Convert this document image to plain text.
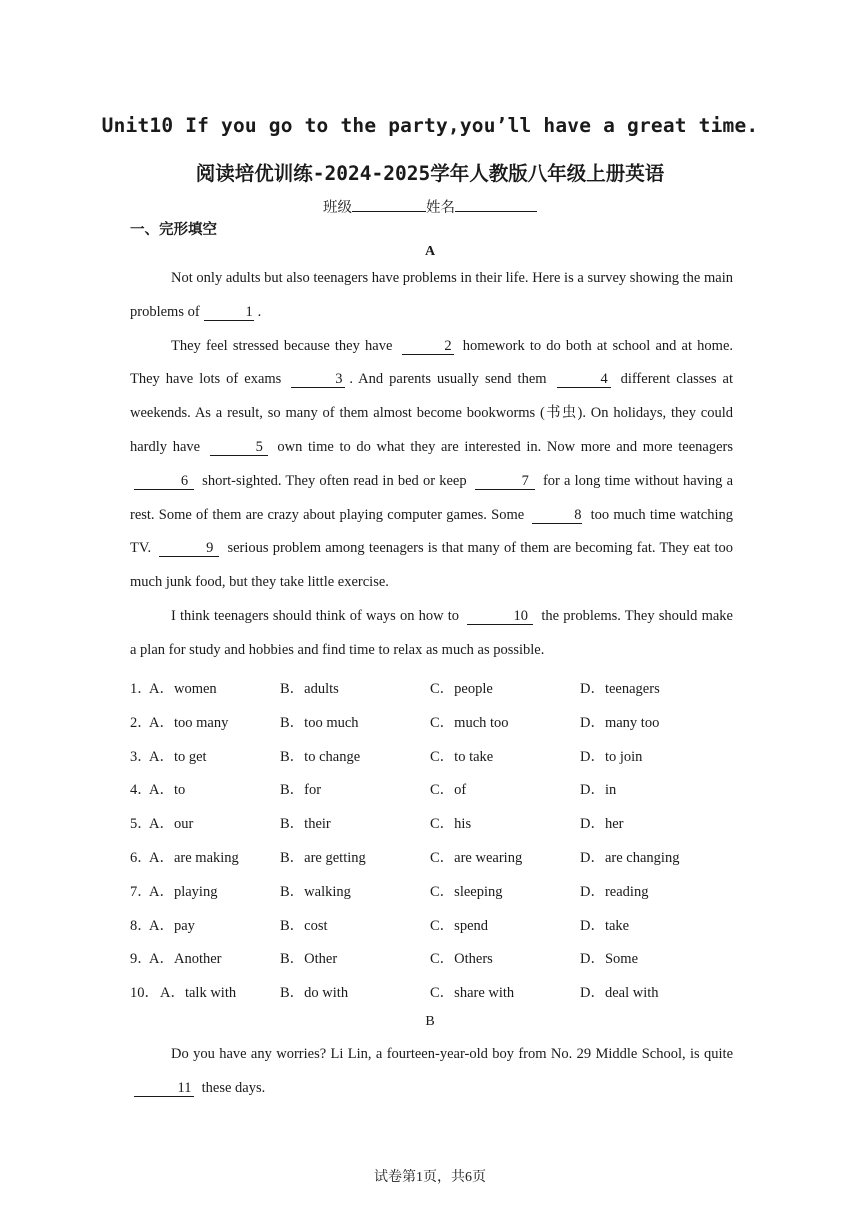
Unit10 If you go to the party,you’ll have a great time.
阅读培优训练-2024-2025学年人教版八年级上册英语
班级	姓名
一、完形填空
A

Not only adults but also teenagers have problems in their life. Here is a survey showing the main problems of	1 .

They feel stressed because they have	2 homework to do both at school and at home. They have lots of exams	3 . And parents usually send them	4 different classes at weekends. As a result, so many of them almost become bookworms (书虫). On holidays, they could hardly have	5 own time to do what they are interested in. Now more and more teenagers 6 short-sighted. They often read in bed or keep	7 for a long time without having a rest. Some of them are crazy about playing computer games. Some	8 too much time watching TV.	9 serious problem among teenagers is that many of them are becoming fat. They eat too much junk food, but they take little exercise.

I think teenagers should think of ways on how to	10 the problems. They should make a plan for study and hobbies and find time to relax as much as possible.

1．
A．women	B．adults	C．people	D．teenagers
2．
A．too many	B．too much	C．much too	D．many too
3．
A．to get	B．to change	C．to take	D．to join
4．
A．to	B．for	C．of	D．in
5．
A．our	B．their	C．his	D．her
6．
A．are making	B．are getting	C．are wearing	D．are changing
7．
A．playing	B．walking	C．sleeping	D．reading
8．
A．pay	B．cost	C．spend	D．take
9．
A．Another	B．Other	C．Others	D．Some
10． A．talk with	B．do with	C．share with	D．deal with
B

Do you have any worries? Li Lin, a fourteen-year-old boy from No. 29 Middle School, is quite 11 these days.

试卷第1页，共6页
